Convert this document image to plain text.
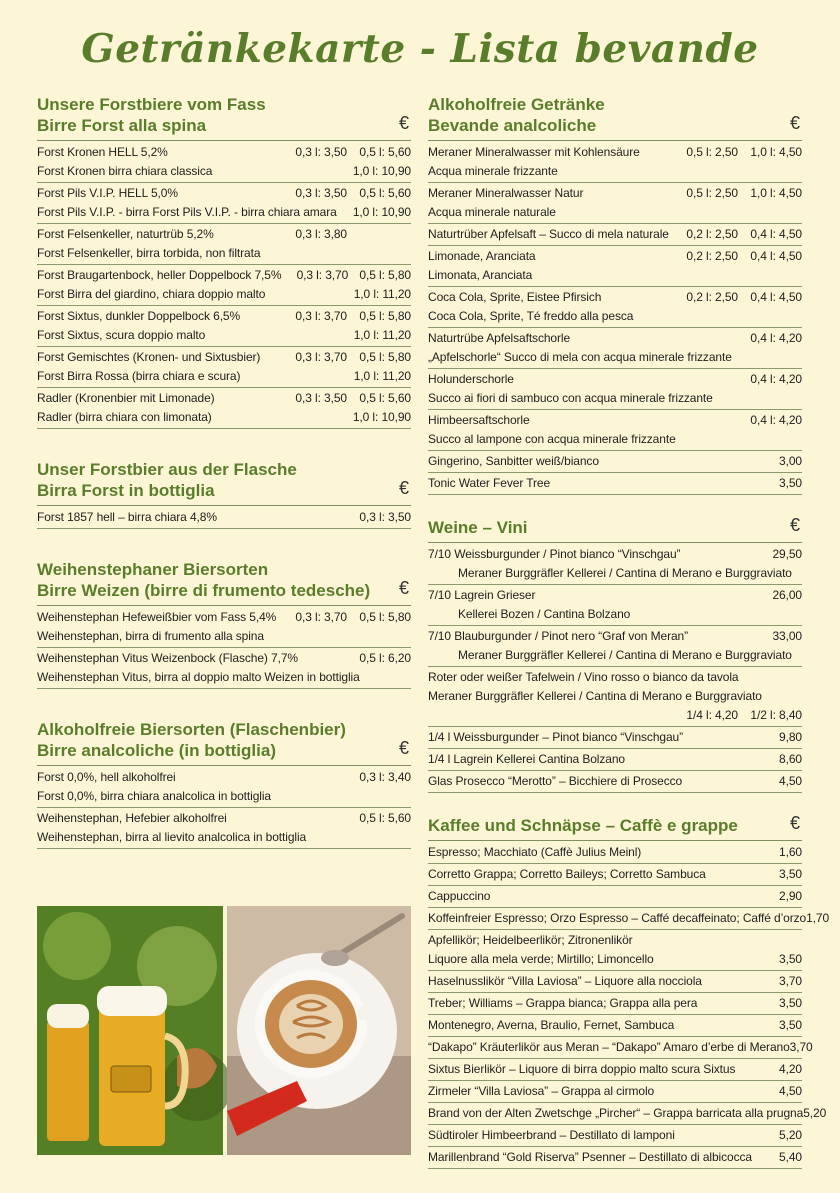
Getränkekarte - Lista bevande
Unsere Forstbiere vom Fass
Birre Forst alla spina	€
Forst Kronen HELL 5,2%	0,3 l: 3,50	0,5 l: 5,60
Forst Kronen birra chiara classica	1,0 l: 10,90
Forst Pils V.I.P. HELL 5,0%	0,3 l: 3,50	0,5 l: 5,60
Forst Pils V.I.P. - birra Forst Pils V.I.P. - birra chiara amara	1,0 l: 10,90
Forst Felsenkeller, naturtrüb 5,2%	0,3 l: 3,80
Forst Felsenkeller, birra torbida, non filtrata
Forst Braugartenbock, heller Doppelbock 7,5%	0,3 l: 3,70 0,5 l: 5,80
Forst Birra del giardino, chiara doppio malto	1,0 l: 11,20
Forst Sixtus, dunkler Doppelbock 6,5%	0,3 l: 3,70	0,5 l: 5,80
Forst Sixtus, scura doppio malto	1,0 l: 11,20
Forst Gemischtes (Kronen- und Sixtusbier)	0,3 l: 3,70	0,5 l: 5,80
Forst Birra Rossa (birra chiara e scura)	1,0 l: 11,20
Radler (Kronenbier mit Limonade)	0,3 l: 3,50	0,5 l: 5,60
Radler (birra chiara con limonata)	1,0 l: 10,90
Unser Forstbier aus der Flasche
Birra Forst in bottiglia	€
Forst 1857 hell – birra chiara 4,8%	0,3 l: 3,50
Weihenstephaner Biersorten
Birre Weizen (birre di frumento tedesche)	€
Weihenstephan Hefeweißbier vom Fass 5,4%	0,3 l: 3,70	0,5 l: 5,80
Weihenstephan, birra di frumento alla spina
Weihenstephan Vitus Weizenbock (Flasche) 7,7%	0,5 l: 6,20
Weihenstephan Vitus, birra al doppio malto Weizen in bottiglia
Alkoholfreie Biersorten (Flaschenbier)
Birre analcoliche (in bottiglia)	€
Forst 0,0%, hell alkoholfrei	0,3 l: 3,40
Forst 0,0%, birra chiara analcolica in bottiglia
Weihenstephan, Hefebier alkoholfrei	0,5 l: 5,60
Weihenstephan, birra al lievito analcolica in bottiglia
Alkoholfreie Getränke
Bevande analcoliche	€
Meraner Mineralwasser mit Kohlensäure	0,5 l: 2,50	1,0 l: 4,50
Acqua minerale frizzante
Meraner Mineralwasser Natur	0,5 l: 2,50	1,0 l: 4,50
Acqua minerale naturale
Naturtrüber Apfelsaft – Succo di mela naturale	0,2 l: 2,50	0,4 l: 4,50
Limonade, Aranciata	0,2 l: 2,50	0,4 l: 4,50
Limonata, Aranciata
Coca Cola, Sprite, Eistee Pfirsich	0,2 l: 2,50	0,4 l: 4,50
Coca Cola, Sprite, Té freddo alla pesca
Naturtrübe Apfelsaftschorle	0,4 l: 4,20
„Apfelschorle“ Succo di mela con acqua minerale frizzante
Holunderschorle	0,4 l: 4,20
Succo ai fiori di sambuco con acqua minerale frizzante
Himbeersaftschorle	0,4 l: 4,20
Succo al lampone con acqua minerale frizzante
Gingerino, Sanbitter weiß/bianco	3,00
Tonic Water Fever Tree	3,50
Weine – Vini	€
7/10 Weissburgunder / Pinot bianco “Vinschgau”	29,50
Meraner Burggräfler Kellerei / Cantina di Merano e Burggraviato
7/10 Lagrein Grieser	26,00
Kellerei Bozen / Cantina Bolzano
7/10 Blauburgunder / Pinot nero “Graf von Meran”	33,00
Meraner Burggräfler Kellerei / Cantina di Merano e Burggraviato
Roter oder weißer Tafelwein / Vino rosso o bianco da tavola
Meraner Burggräfler Kellerei / Cantina di Merano e Burggraviato
1/4 l: 4,20	1/2 l: 8,40
1/4 l Weissburgunder – Pinot bianco “Vinschgau”	9,80
1/4 l Lagrein Kellerei Cantina Bolzano	8,60
Glas Prosecco “Merotto” – Bicchiere di Prosecco	4,50
Kaffee und Schnäpse – Caffè e grappe	€
Espresso; Macchiato (Caffè Julius Meinl)	1,60
Corretto Grappa; Corretto Baileys; Corretto Sambuca	3,50
Cappuccino	2,90
Koffeinfreier Espresso; Orzo Espresso – Caffé decaffeinato; Caffé d’orzo 1,70
Apfellikör; Heidelbeerlikör; Zitronenlikör
Liquore alla mela verde; Mirtillo; Limoncello	3,50
Haselnusslikör “Villa Laviosa” – Liquore alla nocciola	3,70
Treber; Williams – Grappa bianca; Grappa alla pera	3,50
Montenegro, Averna, Braulio, Fernet, Sambuca	3,50
“Dakapo” Kräuterlikör aus Meran – “Dakapo” Amaro d’erbe di Merano 3,70
Sixtus Bierlikör – Liquore di birra doppio malto scura Sixtus	4,20
Zirmeler “Villa Laviosa” – Grappa al cirmolo	4,50
Brand von der Alten Zwetschge „Pircher“ – Grappa barricata alla prugna 5,20
Südtiroler Himbeerbrand – Destillato di lamponi	5,20
Marillenbrand “Gold Riserva” Psenner – Destillato di albicocca	5,40
